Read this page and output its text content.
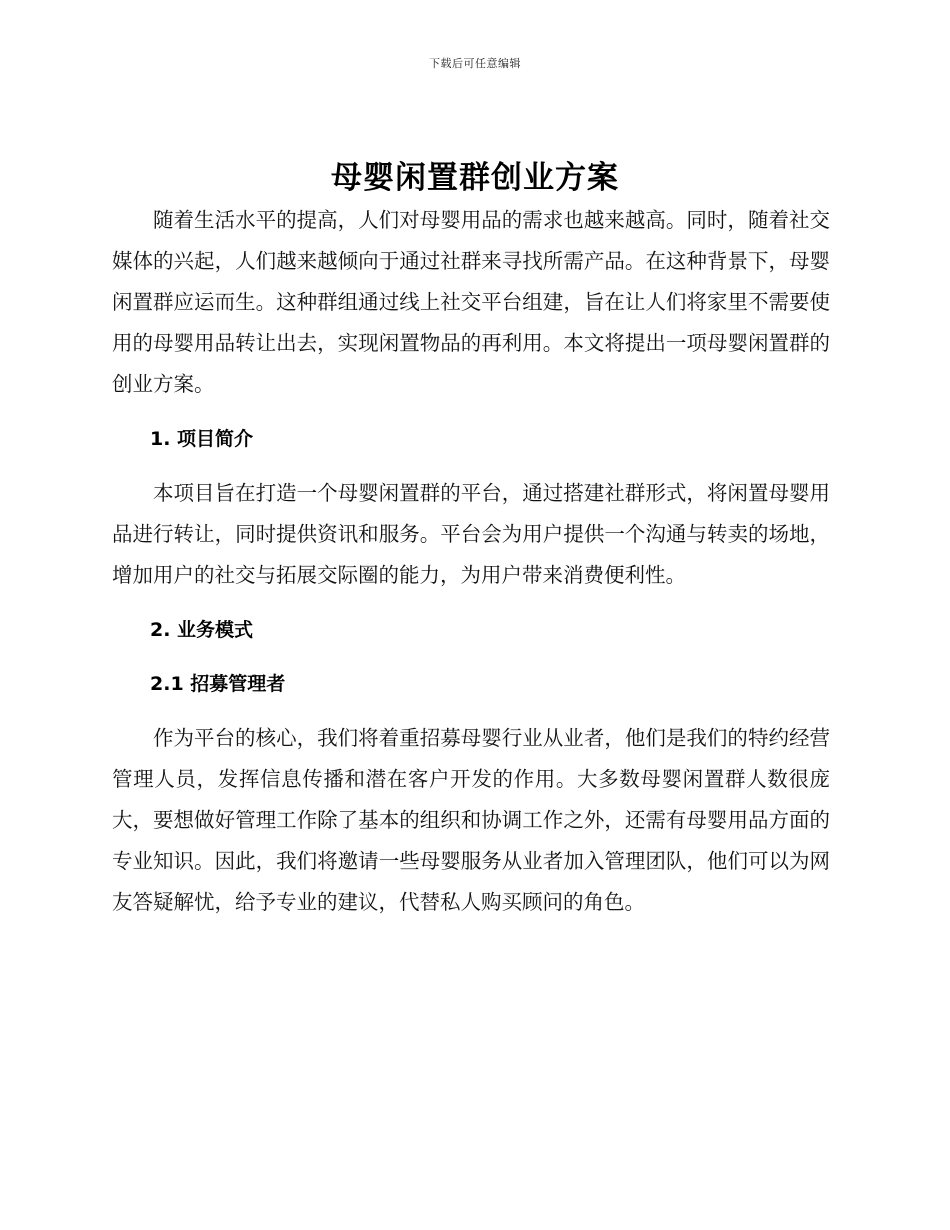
下载后可任意编辑
母婴闲置群创业方案

随着生活水平的提高，人们对母婴用品的需求也越来越高。同时，随着社交媒体的兴起，人们越来越倾向于通过社群来寻找所需产品。在这种背景下，母婴闲置群应运而生。这种群组通过线上社交平台组建，旨在让人们将家里不需要使用的母婴用品转让出去，实现闲置物品的再利用。本文将提出一项母婴闲置群的创业方案。

1. 项目简介

本项目旨在打造一个母婴闲置群的平台，通过搭建社群形式，将闲置母婴用品进行转让，同时提供资讯和服务。平台会为用户提供一个沟通与转卖的场地，增加用户的社交与拓展交际圈的能力，为用户带来消费便利性。

2. 业务模式
2.1 招募管理者

作为平台的核心，我们将着重招募母婴行业从业者，他们是我们的特约经营管理人员，发挥信息传播和潜在客户开发的作用。大多数母婴闲置群人数很庞大，要想做好管理工作除了基本的组织和协调工作之外，还需有母婴用品方面的专业知识。因此，我们将邀请一些母婴服务从业者加入管理团队，他们可以为网友答疑解忧，给予专业的建议，代替私人购买顾问的角色。
